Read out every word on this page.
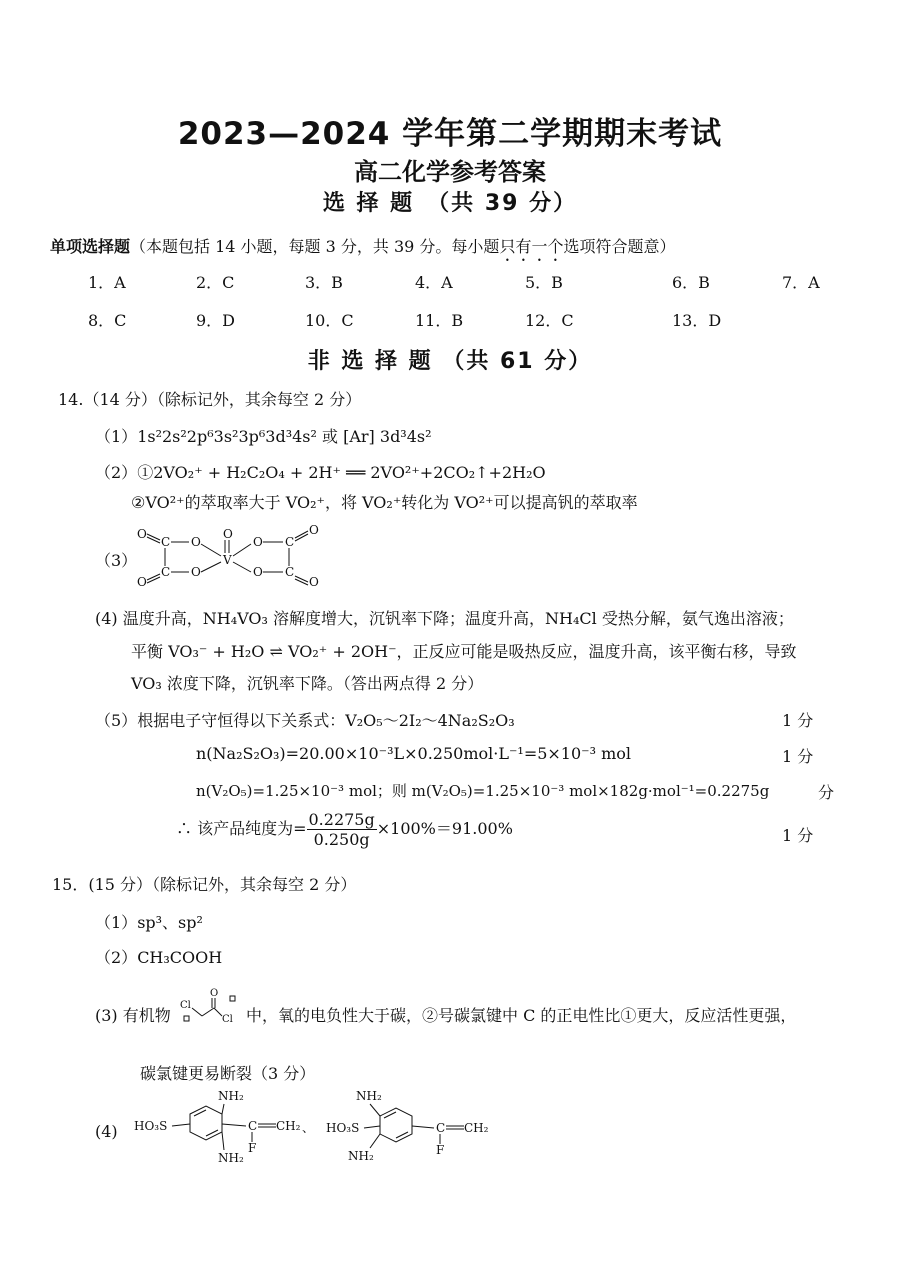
2023—2024 学年第二学期期末考试
高二化学参考答案
选 择 题　（共 39 分）
单项选择题（本题包括 14 小题，每题 3 分，共 39 分。每小题只有一个选项符合题意）
1．A	2．C	3．B	4．A	5．B	6．B	7．A
8．C	9．D	10．C	11．B	12．C	13．D
非 选 择 题 （共 61 分）
14.（14 分）（除标记外，其余每空 2 分）
（1）1s²2s²2p⁶3s²3p⁶3d³4s² 或 [Ar] 3d³4s²
（2）①2VO₂⁺ + H₂C₂O₄ + 2H⁺ ══ 2VO²⁺+2CO₂↑+2H₂O
②VO²⁺的萃取率大于 VO₂⁺，将 VO₂⁺转化为 VO²⁺可以提高钒的萃取率
（3）
O
C O
O
C O
O
V
O
O
C
C
O
O
(4) 温度升高，NH₄VO₃ 溶解度增大，沉钒率下降；温度升高，NH₄Cl 受热分解，氨气逸出溶液；
平衡 VO₃⁻ + H₂O ⇌ VO₂⁺ + 2OH⁻，正反应可能是吸热反应，温度升高，该平衡右移，导致
VO₃ 浓度下降，沉钒率下降。（答出两点得 2 分）
（5）根据电子守恒得以下关系式：V₂O₅～2I₂～4Na₂S₂O₃	1 分
n(Na₂S₂O₃)=20.00×10⁻³L×0.250mol·L⁻¹=5×10⁻³ mol	1 分
n(V₂O₅)=1.25×10⁻³ mol；则 m(V₂O₅)=1.25×10⁻³ mol×182g·mol⁻¹=0.2275g	分
∴ 该产品纯度为= $\frac{0.2275g}{0.250g} \times 100\%=91.00\%$	1 分
15．(15 分）（除标记外，其余每空 2 分）
（1）sp³、sp²
（2）CH₃COOH
(3) 有机物
Cl
O
Cl 中，氧的电负性大于碳，②号碳氯键中 C 的正电性比①更大，反应活性更强，
碳氯键更易断裂（3 分）
(4) HO₃S
NH₂
NH₂
C
F
CH₂ 、 HO₃S
NH₂
NH₂
C
F
CH₂
